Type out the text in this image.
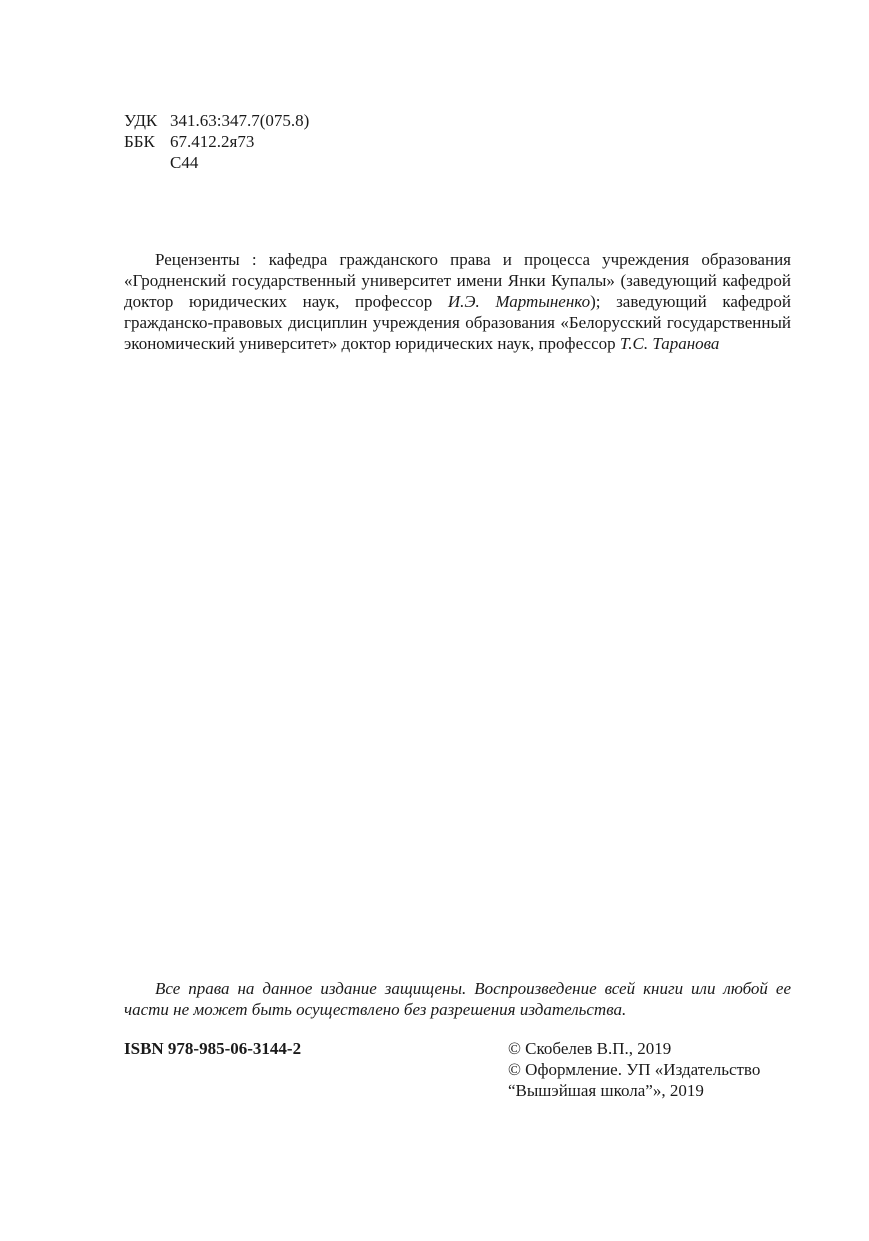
УДК 341.63:347.7(075.8)
ББК 67.412.2я73
С44

Рецензенты : кафедра гражданского права и процесса учреждения образования «Гродненский государственный университет имени Янки Купалы» (заведующий кафедрой доктор юридических наук, профессор И.Э. Мартыненко); заведующий кафедрой гражданско-правовых дисциплин учреждения образования «Белорусский государственный экономический университет» доктор юридических наук, профессор Т.С. Таранова

Все права на данное издание защищены. Воспроизведение всей книги или любой ее части не может быть осуществлено без разрешения издательства.

ISBN 978-985-06-3144-2	© Скобелев В.П., 2019
© Оформление. УП «Издательство
“Вышэйшая школа”», 2019
